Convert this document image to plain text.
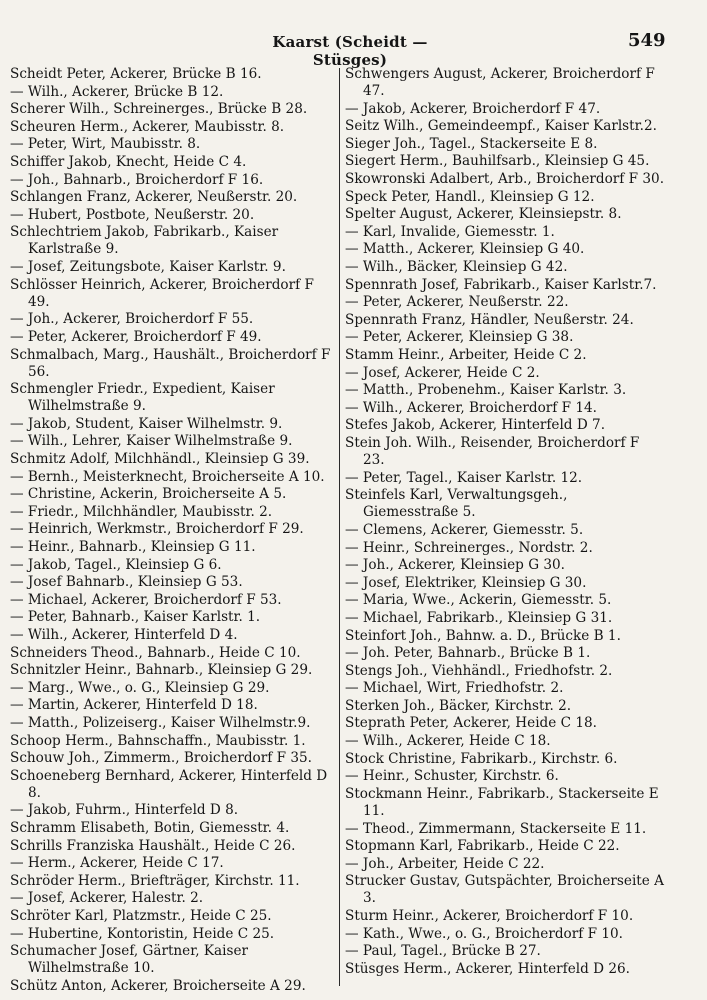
Kaarst (Scheidt — Stüsges)
549
Scheidt Peter, Ackerer, Brücke B 16.
— Wilh., Ackerer, Brücke B 12.
Scherer Wilh., Schreinerges., Brücke B 28.
Scheuren Herm., Ackerer, Maubisstr. 8.
— Peter, Wirt, Maubisstr. 8.
Schiffer Jakob, Knecht, Heide C 4.
— Joh., Bahnarb., Broicherdorf F 16.
Schlangen Franz, Ackerer, Neußerstr. 20.
— Hubert, Postbote, Neußerstr. 20.
Schlechtriem Jakob, Fabrikarb., Kaiser Karlstraße 9.
— Josef, Zeitungsbote, Kaiser Karlstr. 9.
Schlösser Heinrich, Ackerer, Broicherdorf F 49.
— Joh., Ackerer, Broicherdorf F 55.
— Peter, Ackerer, Broicherdorf F 49.
Schmalbach, Marg., Haushält., Broicherdorf F 56.
Schmengler Friedr., Expedient, Kaiser Wilhelmstraße 9.
— Jakob, Student, Kaiser Wilhelmstr. 9.
— Wilh., Lehrer, Kaiser Wilhelmstraße 9.
Schmitz Adolf, Milchhändl., Kleinsiep G 39.
— Bernh., Meisterknecht, Broicherseite A 10.
— Christine, Ackerin, Broicherseite A 5.
— Friedr., Milchhändler, Maubisstr. 2.
— Heinrich, Werkmstr., Broicherdorf F 29.
— Heinr., Bahnarb., Kleinsiep G 11.
— Jakob, Tagel., Kleinsiep G 6.
— Josef Bahnarb., Kleinsiep G 53.
— Michael, Ackerer, Broicherdorf F 53.
— Peter, Bahnarb., Kaiser Karlstr. 1.
— Wilh., Ackerer, Hinterfeld D 4.
Schneiders Theod., Bahnarb., Heide C 10.
Schnitzler Heinr., Bahnarb., Kleinsiep G 29.
— Marg., Wwe., o. G., Kleinsiep G 29.
— Martin, Ackerer, Hinterfeld D 18.
— Matth., Polizeiserg., Kaiser Wilhelmstr.9.
Schoop Herm., Bahnschaffn., Maubisstr. 1.
Schouw Joh., Zimmerm., Broicherdorf F 35.
Schoeneberg Bernhard, Ackerer, Hinterfeld D 8.
— Jakob, Fuhrm., Hinterfeld D 8.
Schramm Elisabeth, Botin, Giemesstr. 4.
Schrills Franziska Haushält., Heide C 26.
— Herm., Ackerer, Heide C 17.
Schröder Herm., Briefträger, Kirchstr. 11.
— Josef, Ackerer, Halestr. 2.
Schröter Karl, Platzmstr., Heide C 25.
— Hubertine, Kontoristin, Heide C 25.
Schumacher Josef, Gärtner, Kaiser Wilhelmstraße 10.
Schütz Anton, Ackerer, Broicherseite A 29.
Schwengers August, Ackerer, Broicherdorf F 47.
— Jakob, Ackerer, Broicherdorf F 47.
Seitz Wilh., Gemeindeempf., Kaiser Karlstr.2.
Sieger Joh., Tagel., Stackerseite E 8.
Siegert Herm., Bauhilfsarb., Kleinsiep G 45.
Skowronski Adalbert, Arb., Broicherdorf F 30.
Speck Peter, Handl., Kleinsiep G 12.
Spelter August, Ackerer, Kleinsiepstr. 8.
— Karl, Invalide, Giemesstr. 1.
— Matth., Ackerer, Kleinsiep G 40.
— Wilh., Bäcker, Kleinsiep G 42.
Spennrath Josef, Fabrikarb., Kaiser Karlstr.7.
— Peter, Ackerer, Neußerstr. 22.
Spennrath Franz, Händler, Neußerstr. 24.
— Peter, Ackerer, Kleinsiep G 38.
Stamm Heinr., Arbeiter, Heide C 2.
— Josef, Ackerer, Heide C 2.
— Matth., Probenehm., Kaiser Karlstr. 3.
— Wilh., Ackerer, Broicherdorf F 14.
Stefes Jakob, Ackerer, Hinterfeld D 7.
Stein Joh. Wilh., Reisender, Broicherdorf F 23.
— Peter, Tagel., Kaiser Karlstr. 12.
Steinfels Karl, Verwaltungsgeh., Giemesstraße 5.
— Clemens, Ackerer, Giemesstr. 5.
— Heinr., Schreinerges., Nordstr. 2.
— Joh., Ackerer, Kleinsiep G 30.
— Josef, Elektriker, Kleinsiep G 30.
— Maria, Wwe., Ackerin, Giemesstr. 5.
— Michael, Fabrikarb., Kleinsiep G 31.
Steinfort Joh., Bahnw. a. D., Brücke B 1.
— Joh. Peter, Bahnarb., Brücke B 1.
Stengs Joh., Viehhändl., Friedhofstr. 2.
— Michael, Wirt, Friedhofstr. 2.
Sterken Joh., Bäcker, Kirchstr. 2.
Steprath Peter, Ackerer, Heide C 18.
— Wilh., Ackerer, Heide C 18.
Stock Christine, Fabrikarb., Kirchstr. 6.
— Heinr., Schuster, Kirchstr. 6.
Stockmann Heinr., Fabrikarb., Stackerseite E 11.
— Theod., Zimmermann, Stackerseite E 11.
Stopmann Karl, Fabrikarb., Heide C 22.
— Joh., Arbeiter, Heide C 22.
Strucker Gustav, Gutspächter, Broicherseite A 3.
Sturm Heinr., Ackerer, Broicherdorf F 10.
— Kath., Wwe., o. G., Broicherdorf F 10.
— Paul, Tagel., Brücke B 27.
Stüsges Herm., Ackerer, Hinterfeld D 26.
